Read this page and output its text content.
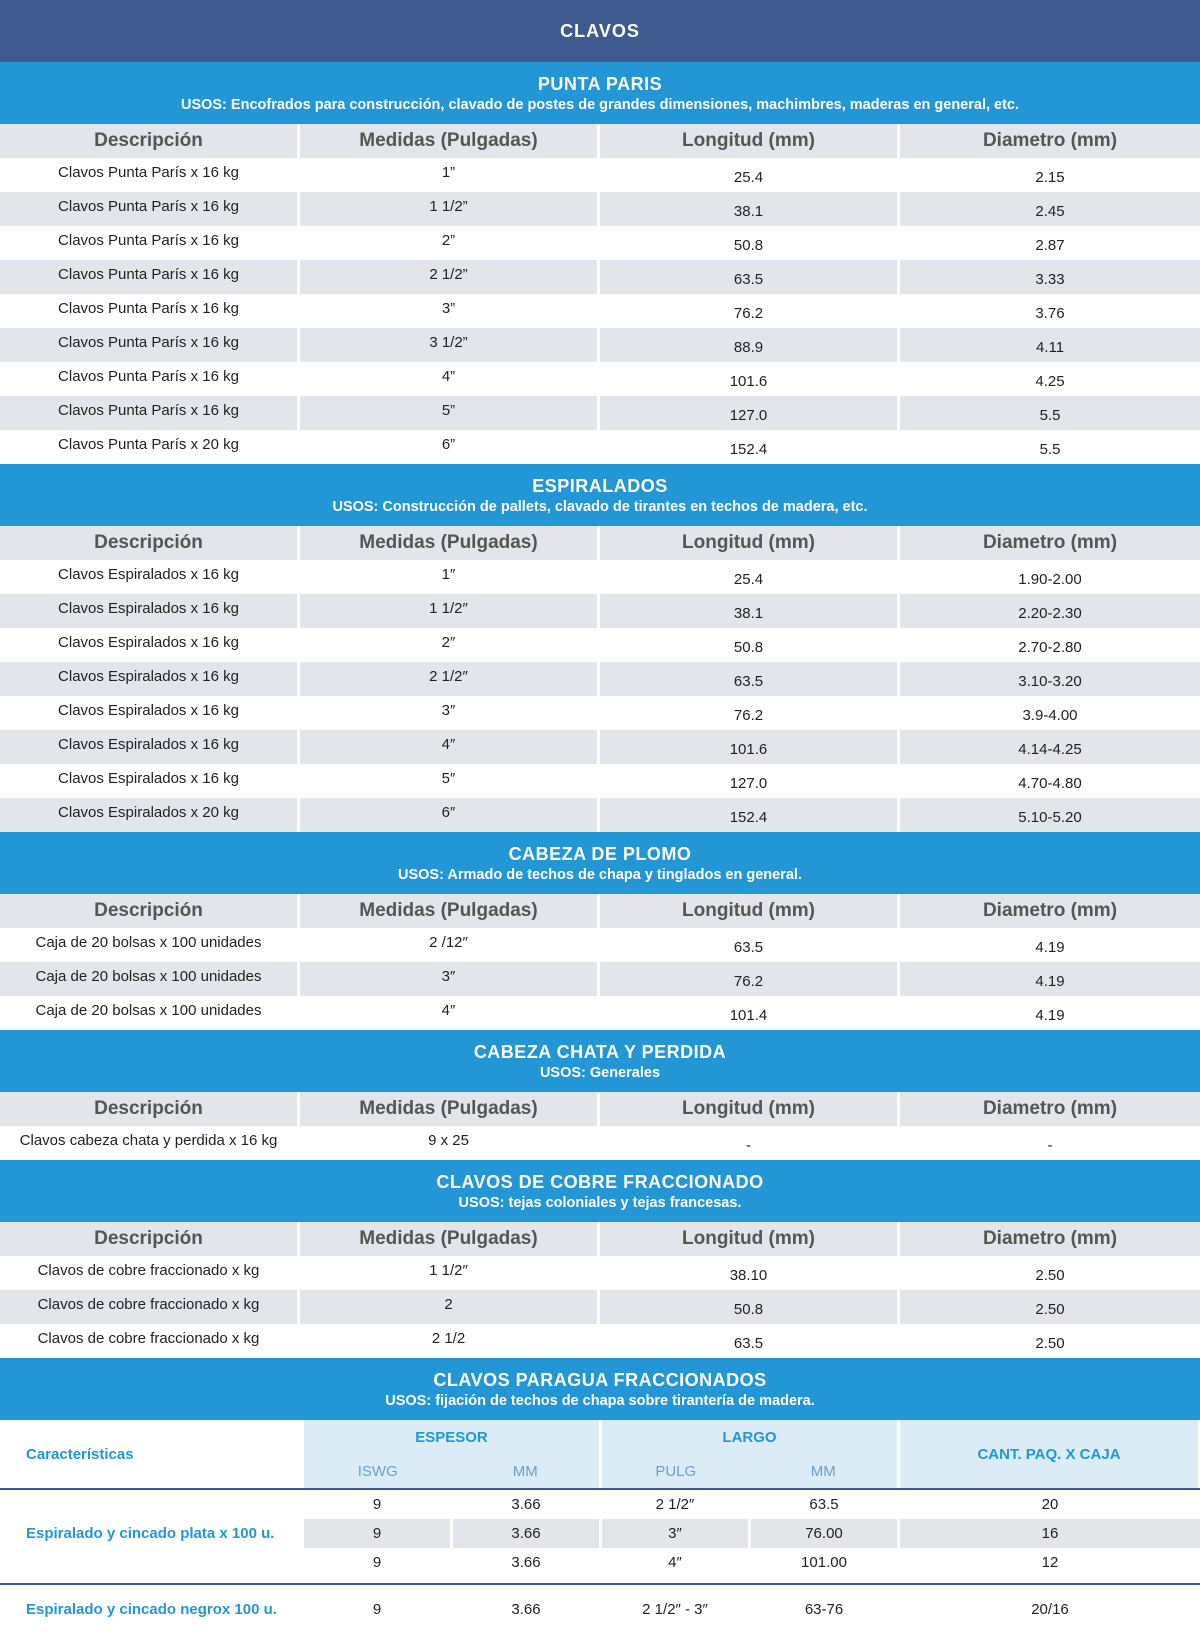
CLAVOS
PUNTA PARIS
USOS: Encofrados para construcción, clavado de postes de grandes dimensiones, machimbres, maderas en general, etc.
Descripción	Medidas (Pulgadas)	Longitud (mm)	Diametro (mm)
Clavos Punta París x 16 kg	1”	25.4	2.15
Clavos Punta París x 16 kg	1 1/2”	38.1	2.45
Clavos Punta París x 16 kg	2”	50.8	2.87
Clavos Punta París x 16 kg	2 1/2”	63.5	3.33
Clavos Punta París x 16 kg	3”	76.2	3.76
Clavos Punta París x 16 kg	3 1/2”	88.9	4.11
Clavos Punta París x 16 kg	4”	101.6	4.25
Clavos Punta París x 16 kg	5”	127.0	5.5
Clavos Punta París x 20 kg	6”	152.4	5.5
ESPIRALADOS
USOS: Construcción de pallets, clavado de tirantes en techos de madera, etc.
Descripción	Medidas (Pulgadas)	Longitud (mm)	Diametro (mm)
Clavos Espiralados x 16 kg	1″	25.4	1.90-2.00
Clavos Espiralados x 16 kg	1 1/2″	38.1	2.20-2.30
Clavos Espiralados x 16 kg	2″	50.8	2.70-2.80
Clavos Espiralados x 16 kg	2 1/2″	63.5	3.10-3.20
Clavos Espiralados x 16 kg	3″	76.2	3.9-4.00
Clavos Espiralados x 16 kg	4″	101.6	4.14-4.25
Clavos Espiralados x 16 kg	5″	127.0	4.70-4.80
Clavos Espiralados x 20 kg	6″	152.4	5.10-5.20
CABEZA DE PLOMO
USOS: Armado de techos de chapa y tinglados en general.
Descripción	Medidas (Pulgadas)	Longitud (mm)	Diametro (mm)
Caja de 20 bolsas x 100 unidades	2 /12″	63.5	4.19
Caja de 20 bolsas x 100 unidades	3″	76.2	4.19
Caja de 20 bolsas x 100 unidades	4″	101.4	4.19
CABEZA CHATA Y PERDIDA
USOS: Generales
Descripción	Medidas (Pulgadas)	Longitud (mm)	Diametro (mm)
Clavos cabeza chata y perdida x 16 kg	9 x 25	-	-
CLAVOS DE COBRE FRACCIONADO
USOS: tejas coloniales y tejas francesas.
Descripción	Medidas (Pulgadas)	Longitud (mm)	Diametro (mm)
Clavos de cobre fraccionado x kg	1 1/2″	38.10	2.50
Clavos de cobre fraccionado x kg	2	50.8	2.50
Clavos de cobre fraccionado x kg	2 1/2	63.5	2.50
CLAVOS PARAGUA FRACCIONADOS
USOS: fijación de techos de chapa sobre tirantería de madera.
Características
ESPESOR
ISWG	MM
LARGO
PULG	MM
CANT. PAQ. X CAJA
Espiralado y cincado plata x 100 u.
9	3.66	2 1/2″	63.5	20
9	3.66	3″	76.00	16
9	3.66	4″	101.00	12
Espiralado y cincado negrox 100 u.	9	3.66	2 1/2″ - 3″	63-76	20/16
